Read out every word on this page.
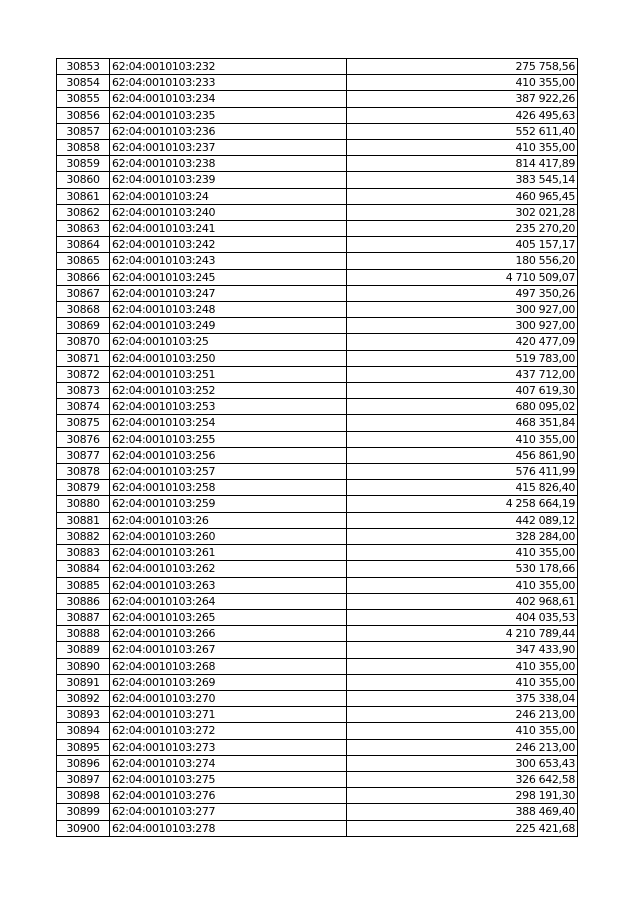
30853	62:04:0010103:232	275 758,56
30854	62:04:0010103:233	410 355,00
30855	62:04:0010103:234	387 922,26
30856	62:04:0010103:235	426 495,63
30857	62:04:0010103:236	552 611,40
30858	62:04:0010103:237	410 355,00
30859	62:04:0010103:238	814 417,89
30860	62:04:0010103:239	383 545,14
30861	62:04:0010103:24	460 965,45
30862	62:04:0010103:240	302 021,28
30863	62:04:0010103:241	235 270,20
30864	62:04:0010103:242	405 157,17
30865	62:04:0010103:243	180 556,20
30866	62:04:0010103:245	4 710 509,07
30867	62:04:0010103:247	497 350,26
30868	62:04:0010103:248	300 927,00
30869	62:04:0010103:249	300 927,00
30870	62:04:0010103:25	420 477,09
30871	62:04:0010103:250	519 783,00
30872	62:04:0010103:251	437 712,00
30873	62:04:0010103:252	407 619,30
30874	62:04:0010103:253	680 095,02
30875	62:04:0010103:254	468 351,84
30876	62:04:0010103:255	410 355,00
30877	62:04:0010103:256	456 861,90
30878	62:04:0010103:257	576 411,99
30879	62:04:0010103:258	415 826,40
30880	62:04:0010103:259	4 258 664,19
30881	62:04:0010103:26	442 089,12
30882	62:04:0010103:260	328 284,00
30883	62:04:0010103:261	410 355,00
30884	62:04:0010103:262	530 178,66
30885	62:04:0010103:263	410 355,00
30886	62:04:0010103:264	402 968,61
30887	62:04:0010103:265	404 035,53
30888	62:04:0010103:266	4 210 789,44
30889	62:04:0010103:267	347 433,90
30890	62:04:0010103:268	410 355,00
30891	62:04:0010103:269	410 355,00
30892	62:04:0010103:270	375 338,04
30893	62:04:0010103:271	246 213,00
30894	62:04:0010103:272	410 355,00
30895	62:04:0010103:273	246 213,00
30896	62:04:0010103:274	300 653,43
30897	62:04:0010103:275	326 642,58
30898	62:04:0010103:276	298 191,30
30899	62:04:0010103:277	388 469,40
30900	62:04:0010103:278	225 421,68
